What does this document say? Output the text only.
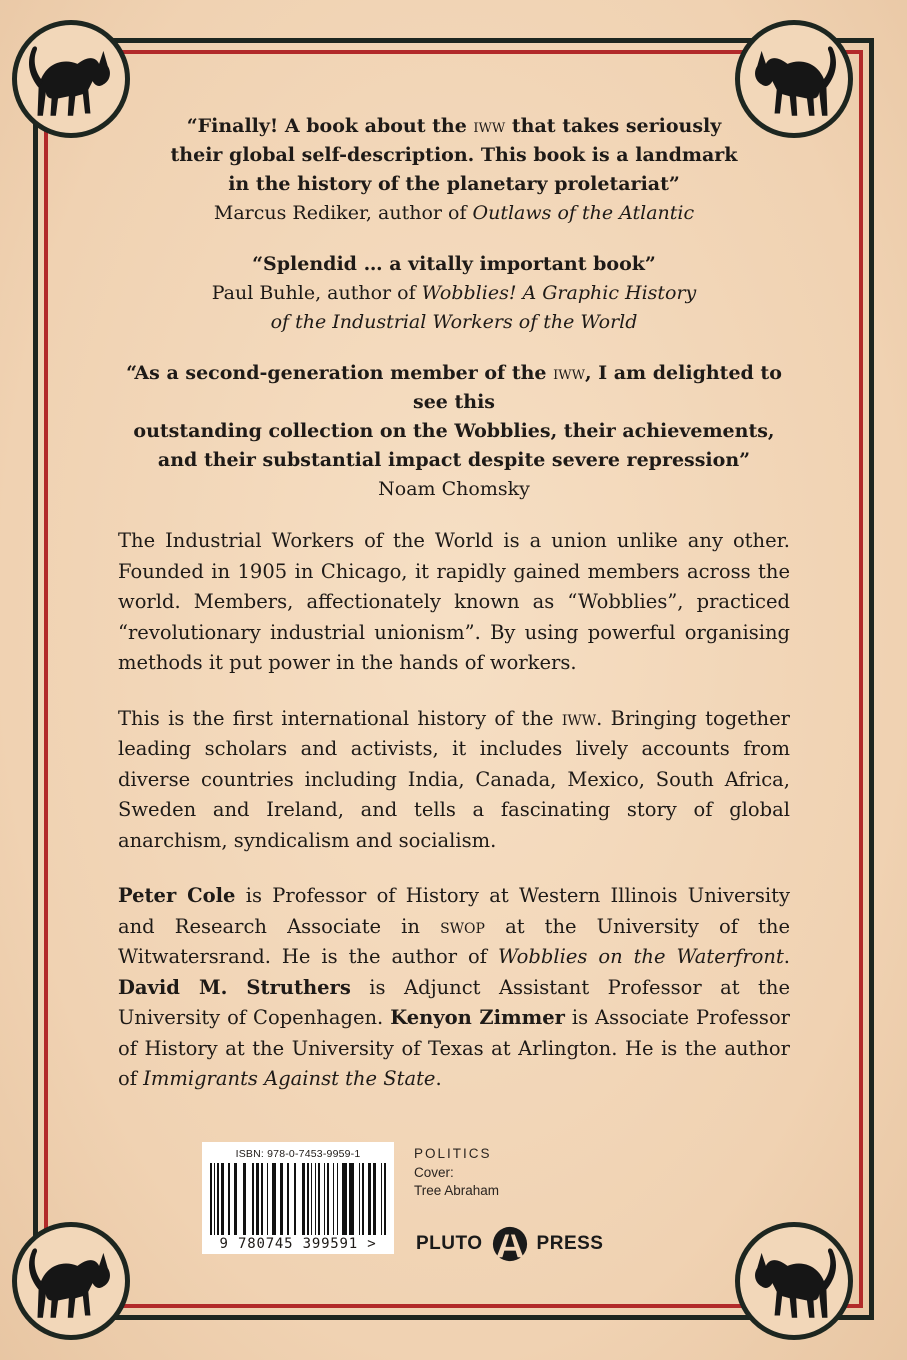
“Finally! A book about the iww that takes seriously
their global self-description. This book is a landmark
in the history of the planetary proletariat”
Marcus Rediker, author of Outlaws of the Atlantic
“Splendid … a vitally important book”
Paul Buhle, author of Wobblies! A Graphic History
of the Industrial Workers of the World
“As a second-generation member of the iww, I am delighted to see this
outstanding collection on the Wobblies, their achievements,
and their substantial impact despite severe repression”
Noam Chomsky

The Industrial Workers of the World is a union unlike any other. Founded in 1905 in Chicago, it rapidly gained members across the world. Members, affectionately known as “Wobblies”, practiced “revolutionary industrial unionism”. By using powerful organising methods it put power in the hands of workers.

This is the first international history of the iww. Bringing together leading scholars and activists, it includes lively accounts from diverse countries including India, Canada, Mexico, South Africa, Sweden and Ireland, and tells a fascinating story of global anarchism, syndicalism and socialism.

Peter Cole is Professor of History at Western Illinois University and Research Associate in swop at the University of the Witwatersrand. He is the author of Wobblies on the Waterfront. David M. Struthers is Adjunct Assistant Professor at the University of Copenhagen. Kenyon Zimmer is Associate Professor of History at the University of Texas at Arlington. He is the author of Immigrants Against the State.

ISBN: 978-0-7453-9959-1
9 780745 399591 >
POLITICS
Cover:
Tree Abraham
PLUTO	PRESS
